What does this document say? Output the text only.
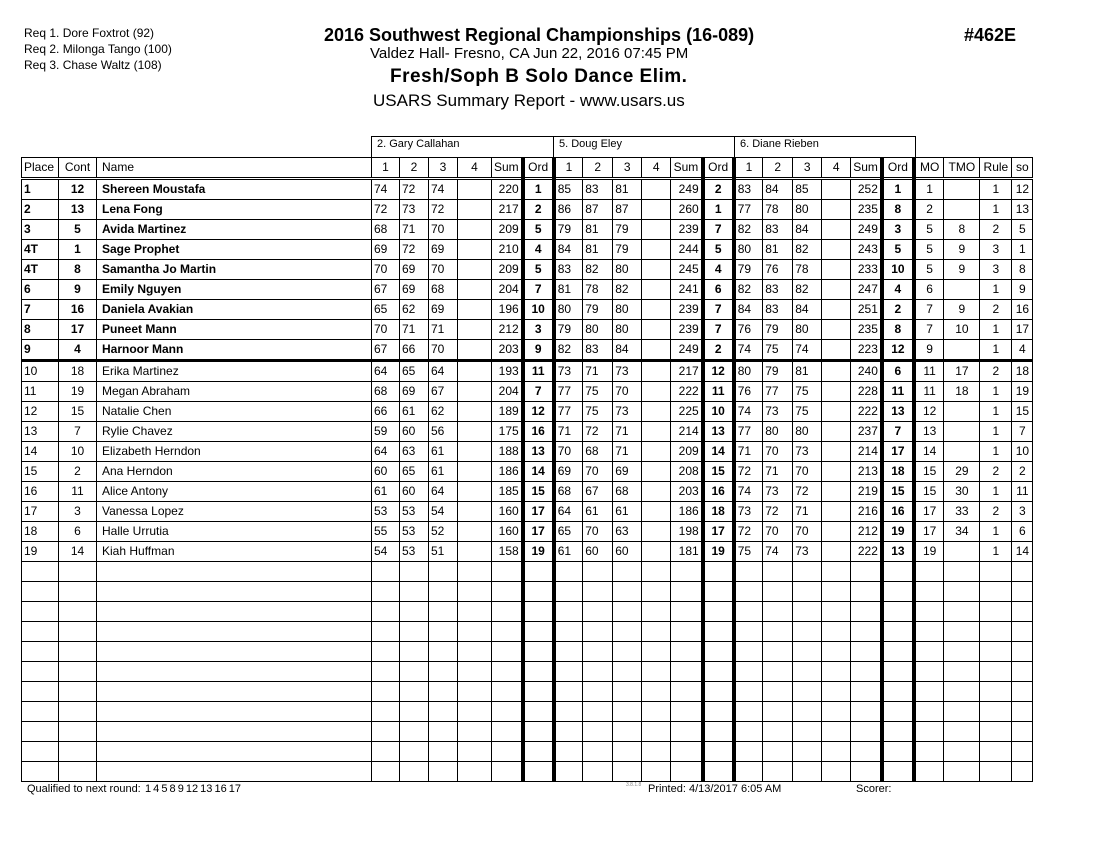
Req 1. Dore Foxtrot (92)
Req 2. Milonga Tango (100)
Req 3. Chase Waltz (108)
2016 Southwest Regional Championships (16-089)
Valdez Hall- Fresno, CA Jun 22, 2016 07:45 PM
Fresh/Soph B Solo Dance Elim.
USARS Summary Report - www.usars.us
#462E
2. Gary Callahan	5. Doug Eley	6. Diane Rieben
Place	Cont	Name	1	2	3	4	Sum	Ord	1	2	3	4	Sum	Ord	1	2	3	4	Sum	Ord	MO	TMO	Rule	so
1	12	Shereen Moustafa	74	72	74		220	1	85	83	81		249	2	83	84	85		252	1	1		1	12
2	13	Lena Fong	72	73	72		217	2	86	87	87		260	1	77	78	80		235	8	2		1	13
3	5	Avida Martinez	68	71	70		209	5	79	81	79		239	7	82	83	84		249	3	5	8	2	5
4T	1	Sage Prophet	69	72	69		210	4	84	81	79		244	5	80	81	82		243	5	5	9	3	1
4T	8	Samantha Jo Martin	70	69	70		209	5	83	82	80		245	4	79	76	78		233	10	5	9	3	8
6	9	Emily Nguyen	67	69	68		204	7	81	78	82		241	6	82	83	82		247	4	6		1	9
7	16	Daniela Avakian	65	62	69		196	10	80	79	80		239	7	84	83	84		251	2	7	9	2	16
8	17	Puneet Mann	70	71	71		212	3	79	80	80		239	7	76	79	80		235	8	7	10	1	17
9	4	Harnoor Mann	67	66	70		203	9	82	83	84		249	2	74	75	74		223	12	9		1	4
10	18	Erika Martinez	64	65	64		193	11	73	71	73		217	12	80	79	81		240	6	11	17	2	18
11	19	Megan Abraham	68	69	67		204	7	77	75	70		222	11	76	77	75		228	11	11	18	1	19
12	15	Natalie Chen	66	61	62		189	12	77	75	73		225	10	74	73	75		222	13	12		1	15
13	7	Rylie Chavez	59	60	56		175	16	71	72	71		214	13	77	80	80		237	7	13		1	7
14	10	Elizabeth Herndon	64	63	61		188	13	70	68	71		209	14	71	70	73		214	17	14		1	10
15	2	Ana Herndon	60	65	61		186	14	69	70	69		208	15	72	71	70		213	18	15	29	2	2
16	11	Alice Antony	61	60	64		185	15	68	67	68		203	16	74	73	72		219	15	15	30	1	11
17	3	Vanessa Lopez	53	53	54		160	17	64	61	61		186	18	73	72	71		216	16	17	33	2	3
18	6	Halle Urrutia	55	53	52		160	17	65	70	63		198	17	72	70	70		212	19	17	34	1	6
19	14	Kiah Huffman	54	53	51		158	19	61	60	60		181	19	75	74	73		222	13	19		1	14

Qualified to next round: 1 4 5 8 9 12 13 16 17	3.8.1.8 Printed: 4/13/2017 6:05 AM	Scorer:
